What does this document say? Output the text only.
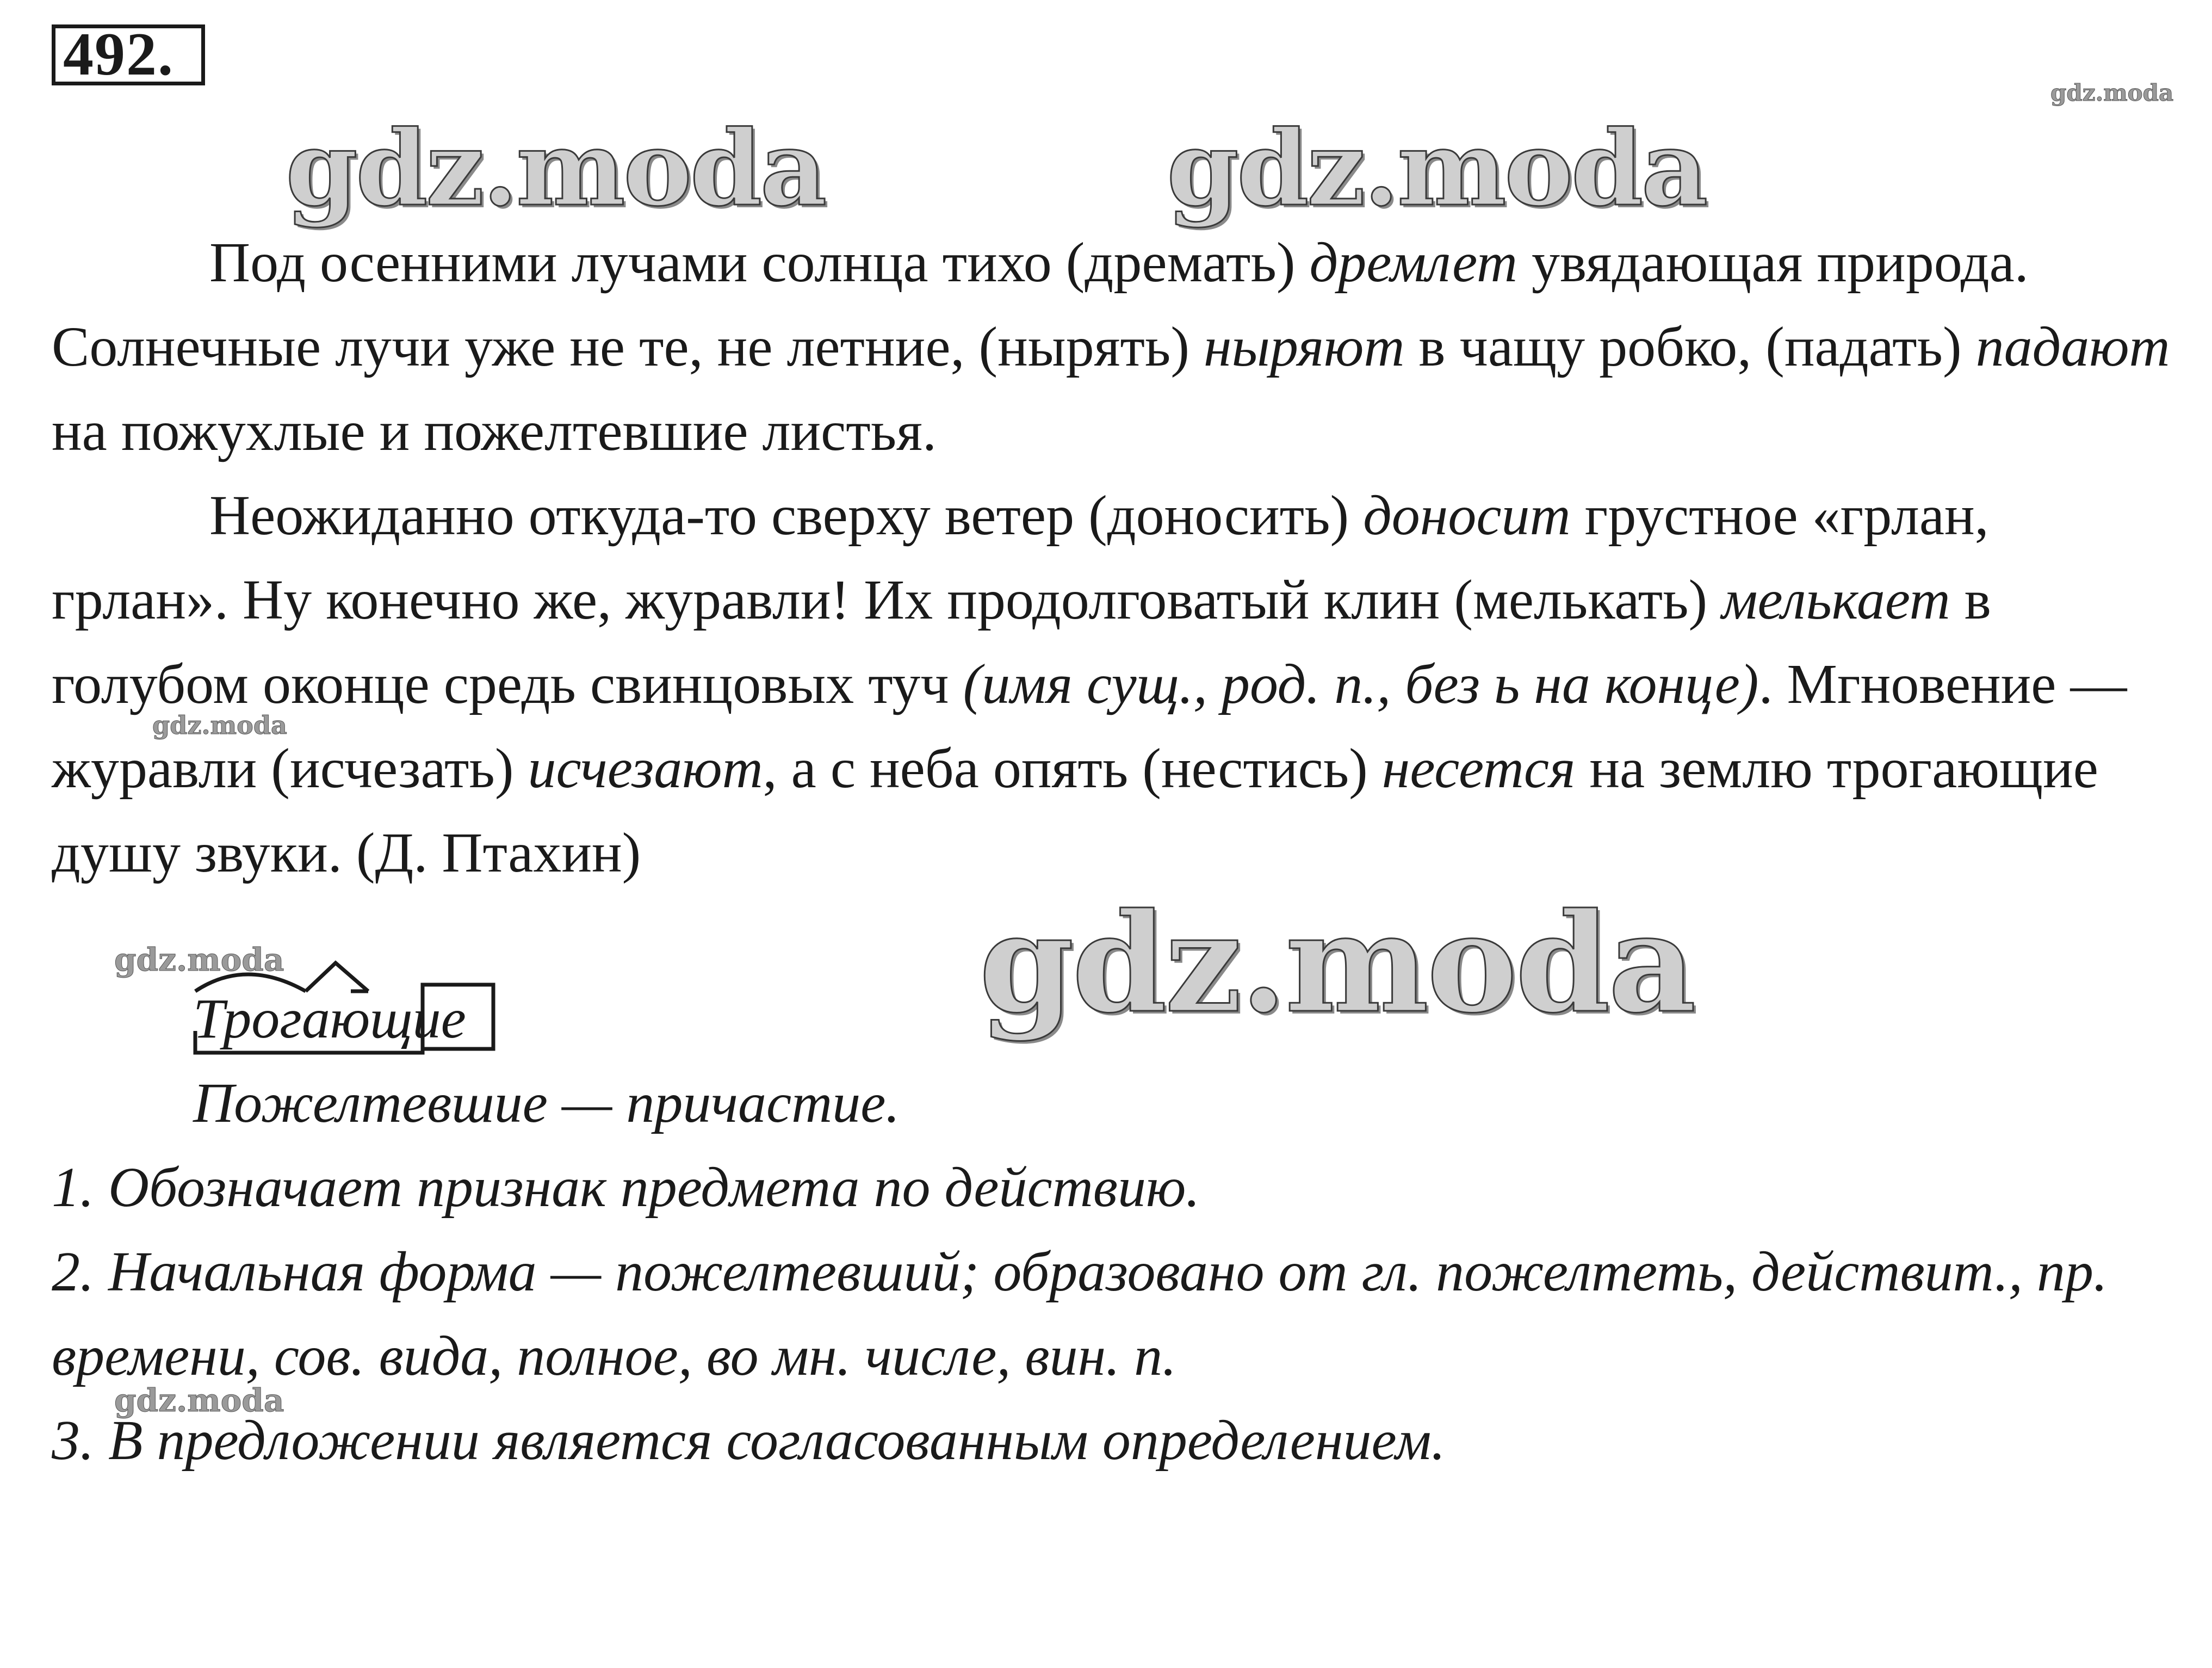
492.
gdz.moda	gdz.moda
gdz.moda
gdz.moda
gdz.moda
gdz.moda
gdz.moda

Под осенними лучами солнца тихо (дремать) дремлет увядающая природа. Солнечные лучи уже не те, не летние, (нырять) ныряют в чащу робко, (падать) падают на пожухлые и пожелтевшие листья.

Неожиданно откуда-то сверху ветер (доносить) доносит грустное «грлан, грлан». Ну конечно же, журавли! Их продолговатый клин (мелькать) мелькает в голубом оконце средь свинцовых туч (имя сущ., род. п., без ь на конце). Мгновение — журавли (исчезать) исчезают, а с неба опять (нестись) несется на землю трогающие душу звуки. (Д. Птахин)

Трогающие

Пожелтевшие — причастие.

1. Обозначает признак предмета по действию.

2. Начальная форма — пожелтевший; образовано от гл. пожелтеть, действит., пр. времени, сов. вида, полное, во мн. числе, вин. п.

3. В предложении является согласованным определением.
